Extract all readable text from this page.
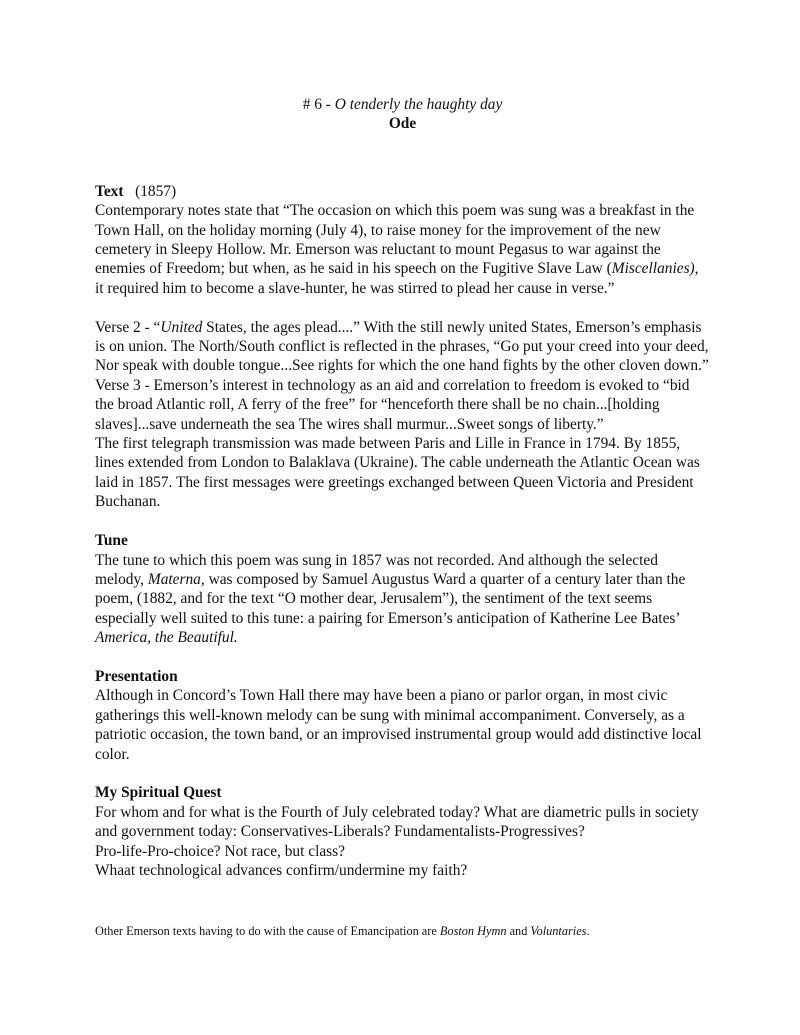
# 6 - O tenderly the haughty day

Ode

Text (1857)

Contemporary notes state that “The occasion on which this poem was sung was a breakfast in the Town Hall, on the holiday morning (July 4), to raise money for the improvement of the new cemetery in Sleepy Hollow. Mr. Emerson was reluctant to mount Pegasus to war against the enemies of Freedom; but when, as he said in his speech on the Fugitive Slave Law (Miscellanies), it required him to become a slave-hunter, he was stirred to plead her cause in verse.”

Verse 2 - “United States, the ages plead....” With the still newly united States, Emerson’s emphasis is on union. The North/South conflict is reflected in the phrases, “Go put your creed into your deed, Nor speak with double tongue...See rights for which the one hand fights by the other cloven down.”

Verse 3 - Emerson’s interest in technology as an aid and correlation to freedom is evoked to “bid the broad Atlantic roll, A ferry of the free” for “henceforth there shall be no chain...[holding slaves]...save underneath the sea The wires shall murmur...Sweet songs of liberty.”

The first telegraph transmission was made between Paris and Lille in France in 1794. By 1855, lines extended from London to Balaklava (Ukraine). The cable underneath the Atlantic Ocean was laid in 1857. The first messages were greetings exchanged between Queen Victoria and President Buchanan.

Tune

The tune to which this poem was sung in 1857 was not recorded. And although the selected melody, Materna, was composed by Samuel Augustus Ward a quarter of a century later than the poem, (1882, and for the text “O mother dear, Jerusalem”), the sentiment of the text seems especially well suited to this tune: a pairing for Emerson’s anticipation of Katherine Lee Bates’ America, the Beautiful.

Presentation

Although in Concord’s Town Hall there may have been a piano or parlor organ, in most civic gatherings this well-known melody can be sung with minimal accompaniment. Conversely, as a patriotic occasion, the town band, or an improvised instrumental group would add distinctive local color.

My Spiritual Quest

For whom and for what is the Fourth of July celebrated today? What are diametric pulls in society and government today: Conservatives-Liberals? Fundamentalists-Progressives?

Pro-life-Pro-choice? Not race, but class?

Whaat technological advances confirm/undermine my faith?

Other Emerson texts having to do with the cause of Emancipation are Boston Hymn and Voluntaries.
